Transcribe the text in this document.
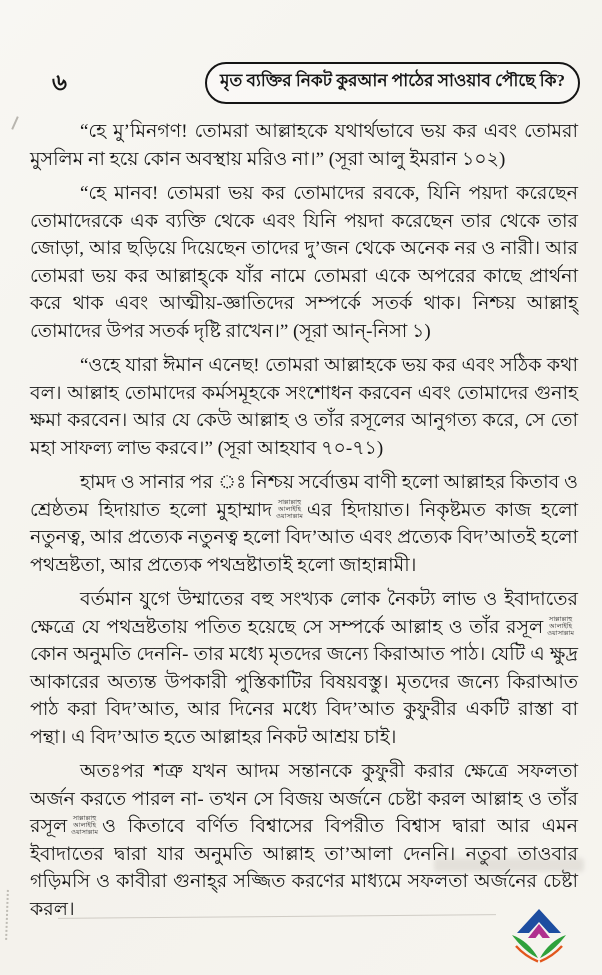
৬	মৃত ব্যক্তির নিকট কুরআন পাঠের সাওয়াব পৌছে কি?

“হে মু’মিনগণ! তোমরা আল্লাহকে যথার্থভাবে ভয় কর এবং তোমরা মুসলিম না হয়ে কোন অবস্থায় মরিও না।” (সূরা আলু ইমরান ১০২)

“হে মানব! তোমরা ভয় কর তোমাদের রবকে, যিনি পয়দা করেছেন তোমাদেরকে এক ব্যক্তি থেকে এবং যিনি পয়দা করেছেন তার থেকে তার জোড়া, আর ছড়িয়ে দিয়েছেন তাদের দু’জন থেকে অনেক নর ও নারী। আর তোমরা ভয় কর আল্লাহ্‌কে যাঁর নামে তোমরা একে অপরের কাছে প্রার্থনা করে থাক এবং আত্মীয়-জ্ঞাতিদের সম্পর্কে সতর্ক থাক। নিশ্চয় আল্লাহ্‌ তোমাদের উপর সতর্ক দৃষ্টি রাখেন।” (সূরা আন্-নিসা ১)

“ওহে যারা ঈমান এনেছ! তোমরা আল্লাহকে ভয় কর এবং সঠিক কথা বল। আল্লাহ তোমাদের কর্মসমূহকে সংশোধন করবেন এবং তোমাদের গুনাহ ক্ষমা করবেন। আর যে কেউ আল্লাহ ও তাঁর রসূলের আনুগত্য করে, সে তো মহা সাফল্য লাভ করবে।” (সূরা আহযাব ৭০-৭১)

হামদ ও সানার পর ঃ নিশ্চয় সর্বোত্তম বাণী হলো আল্লাহর কিতাব ও শ্রেষ্ঠতম হিদায়াত হলো মুহাম্মাদ সাল্লাল্লাহু
আলাইহি
ওয়াসাল্লাম এর হিদায়াত। নিকৃষ্টমত কাজ হলো নতুনত্ব, আর প্রত্যেক নতুনত্ব হলো বিদ’আত এবং প্রত্যেক বিদ’আতই হলো পথভ্রষ্টতা, আর প্রত্যেক পথভ্রষ্টাতাই হলো জাহান্নামী।

বর্তমান যুগে উম্মাতের বহু সংখ্যক লোক নৈকট্য লাভ ও ইবাদাতের ক্ষেত্রে যে পথভ্রষ্টতায় পতিত হয়েছে সে সম্পর্কে আল্লাহ ও তাঁর রসূল সাল্লাল্লাহু
আলাইহি
ওয়াসাল্লাম
কোন অনুমতি দেননি- তার মধ্যে মৃতদের জন্যে কিরাআত পাঠ। যেটি এ ক্ষুদ্র আকারের অত্যন্ত উপকারী পুস্তিকাটির বিষয়বস্তু। মৃতদের জন্যে কিরাআত পাঠ করা বিদ’আত, আর দিনের মধ্যে বিদ’আত কুফুরীর একটি রাস্তা বা পন্থা। এ বিদ’আত হতে আল্লাহর নিকট আশ্রয় চাই।

অতঃপর শত্রু যখন আদম সন্তানকে কুফুরী করার ক্ষেত্রে সফলতা অর্জন করতে পারল না- তখন সে বিজয় অর্জনে চেষ্টা করল আল্লাহ ও তাঁর রসূল সাল্লাল্লাহু
আলাইহি
ওয়াসাল্লাম ও কিতাবে বর্ণিত বিশ্বাসের বিপরীত বিশ্বাস দ্বারা আর এমন ইবাদাতের দ্বারা যার অনুমতি আল্লাহ তা’আলা দেননি। নতুবা তাওবার গড়িমসি ও কাবীরা গুনাহ্‌র সজ্জিত করণের মাধ্যমে সফলতা অর্জনের চেষ্টা করল।
